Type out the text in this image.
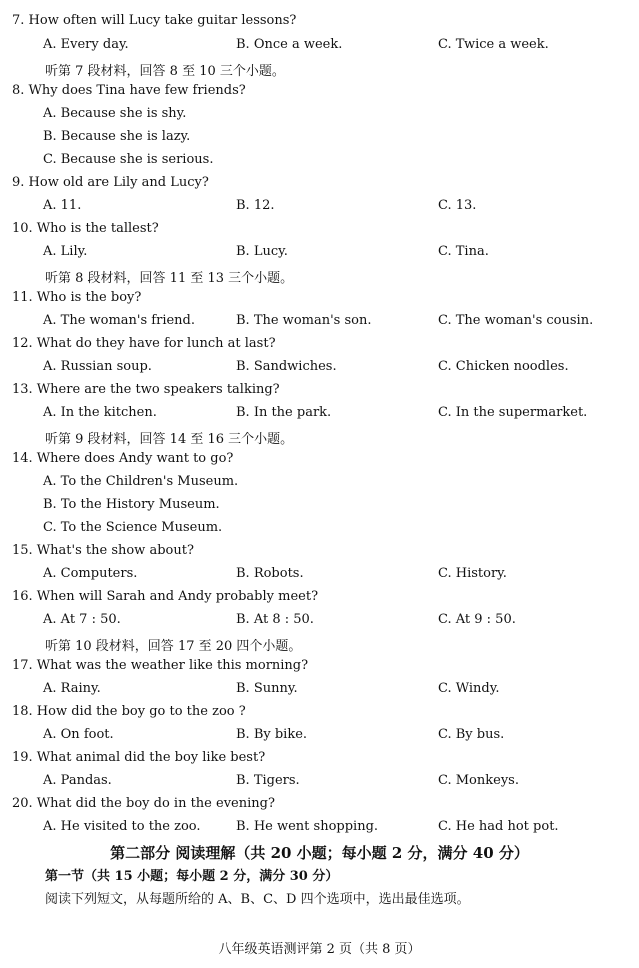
7. How often will Lucy take guitar lessons?
A. Every day.	B. Once a week.	C. Twice a week.
听第 7 段材料，回答 8 至 10 三个小题。
8. Why does Tina have few friends?
A. Because she is shy.
B. Because she is lazy.
C. Because she is serious.
9. How old are Lily and Lucy?
A. 11.	B. 12.	C. 13.
10. Who is the tallest?
A. Lily.	B. Lucy.	C. Tina.
听第 8 段材料，回答 11 至 13 三个小题。
11. Who is the boy?
A. The woman's friend.	B. The woman's son.	C. The woman's cousin.
12. What do they have for lunch at last?
A. Russian soup.	B. Sandwiches.	C. Chicken noodles.
13. Where are the two speakers talking?
A. In the kitchen.	B. In the park.	C. In the supermarket.
听第 9 段材料，回答 14 至 16 三个小题。
14. Where does Andy want to go?
A. To the Children's Museum.
B. To the History Museum.
C. To the Science Museum.
15. What's the show about?
A. Computers.	B. Robots.	C. History.
16. When will Sarah and Andy probably meet?
A. At 7 : 50.	B. At 8 : 50.	C. At 9 : 50.
听第 10 段材料，回答 17 至 20 四个小题。
17. What was the weather like this morning?
A. Rainy.	B. Sunny.	C. Windy.
18. How did the boy go to the zoo ?
A. On foot.	B. By bike.	C. By bus.
19. What animal did the boy like best?
A. Pandas.	B. Tigers.	C. Monkeys.
20. What did the boy do in the evening?
A. He visited to the zoo.	B. He went shopping.	C. He had hot pot.
第二部分 阅读理解（共 20 小题；每小题 2 分，满分 40 分）
第一节（共 15 小题；每小题 2 分，满分 30 分）
阅读下列短文，从每题所给的 A、B、C、D 四个选项中，选出最佳选项。
八年级英语测评第 2 页（共 8 页）
